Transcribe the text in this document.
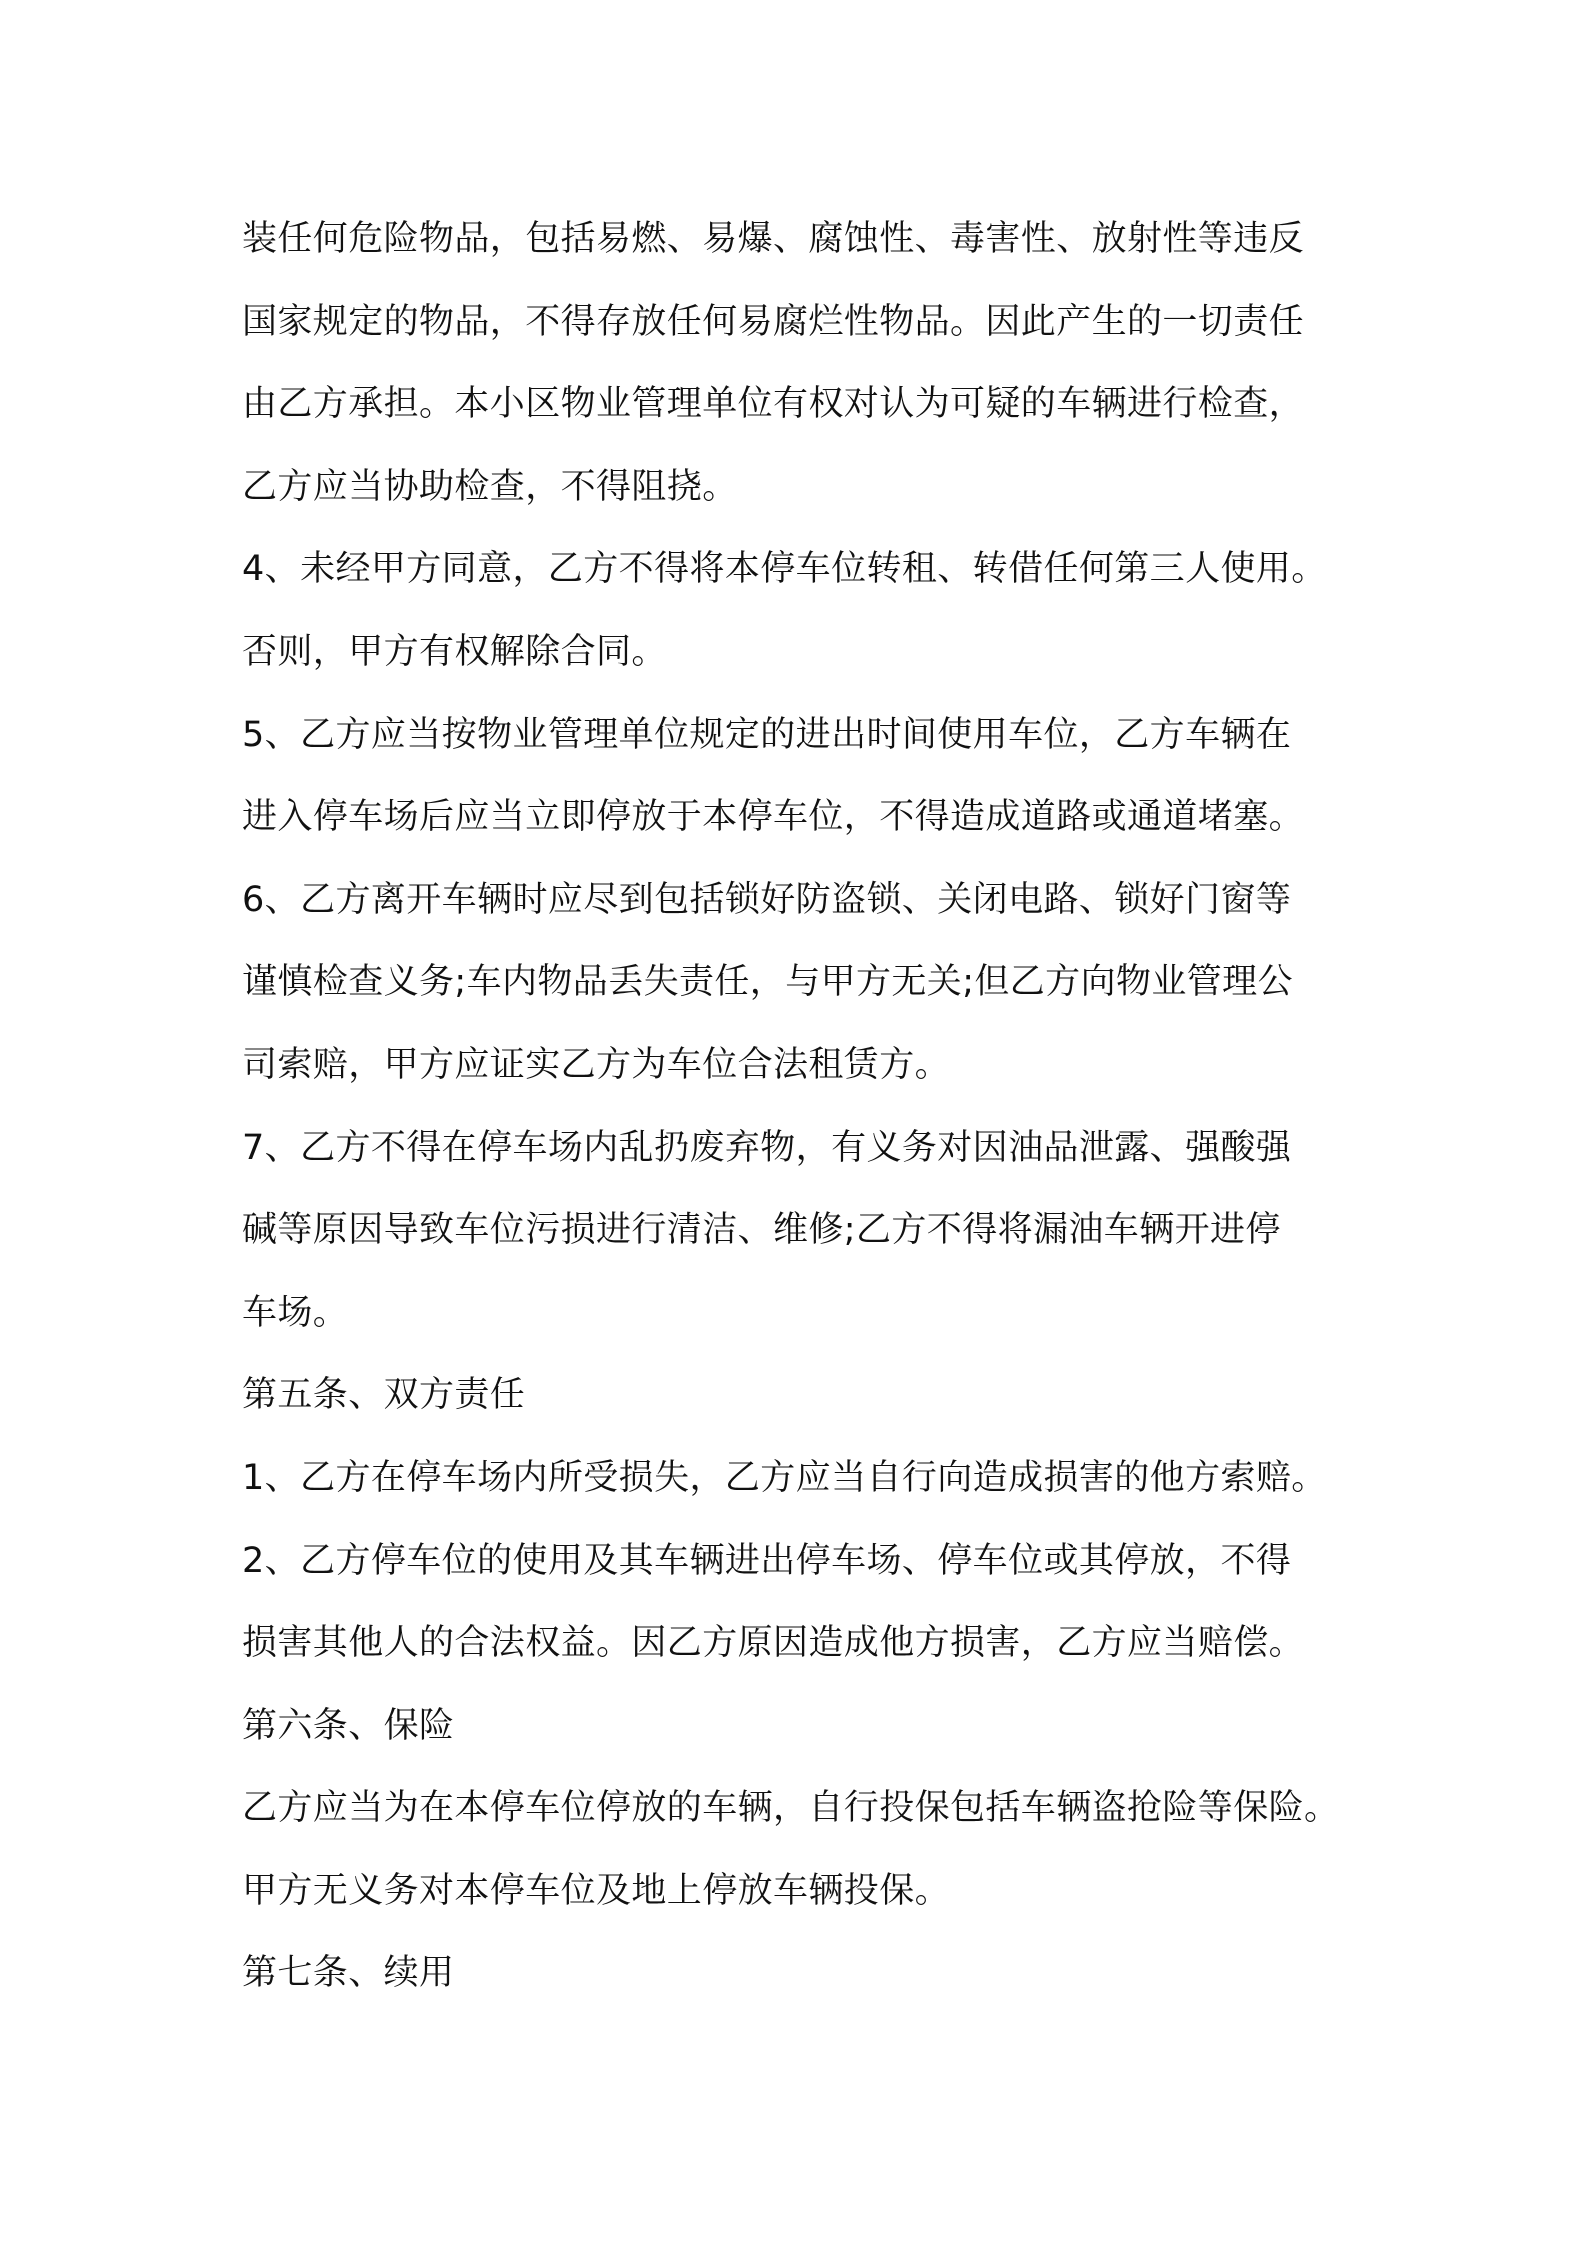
装任何危险物品，包括易燃、易爆、腐蚀性、毒害性、放射性等违反
国家规定的物品，不得存放任何易腐烂性物品。因此产生的一切责任
由乙方承担。本小区物业管理单位有权对认为可疑的车辆进行检查，
乙方应当协助检查，不得阻挠。
4、未经甲方同意，乙方不得将本停车位转租、转借任何第三人使用。
否则，甲方有权解除合同。
5、乙方应当按物业管理单位规定的进出时间使用车位，乙方车辆在
进入停车场后应当立即停放于本停车位，不得造成道路或通道堵塞。
6、乙方离开车辆时应尽到包括锁好防盗锁、关闭电路、锁好门窗等
谨慎检查义务;车内物品丢失责任，与甲方无关;但乙方向物业管理公
司索赔，甲方应证实乙方为车位合法租赁方。
7、乙方不得在停车场内乱扔废弃物，有义务对因油品泄露、强酸强
碱等原因导致车位污损进行清洁、维修;乙方不得将漏油车辆开进停
车场。
第五条、双方责任
1、乙方在停车场内所受损失，乙方应当自行向造成损害的他方索赔。
2、乙方停车位的使用及其车辆进出停车场、停车位或其停放，不得
损害其他人的合法权益。因乙方原因造成他方损害，乙方应当赔偿。
第六条、保险
乙方应当为在本停车位停放的车辆，自行投保包括车辆盗抢险等保险。
甲方无义务对本停车位及地上停放车辆投保。
第七条、续用
